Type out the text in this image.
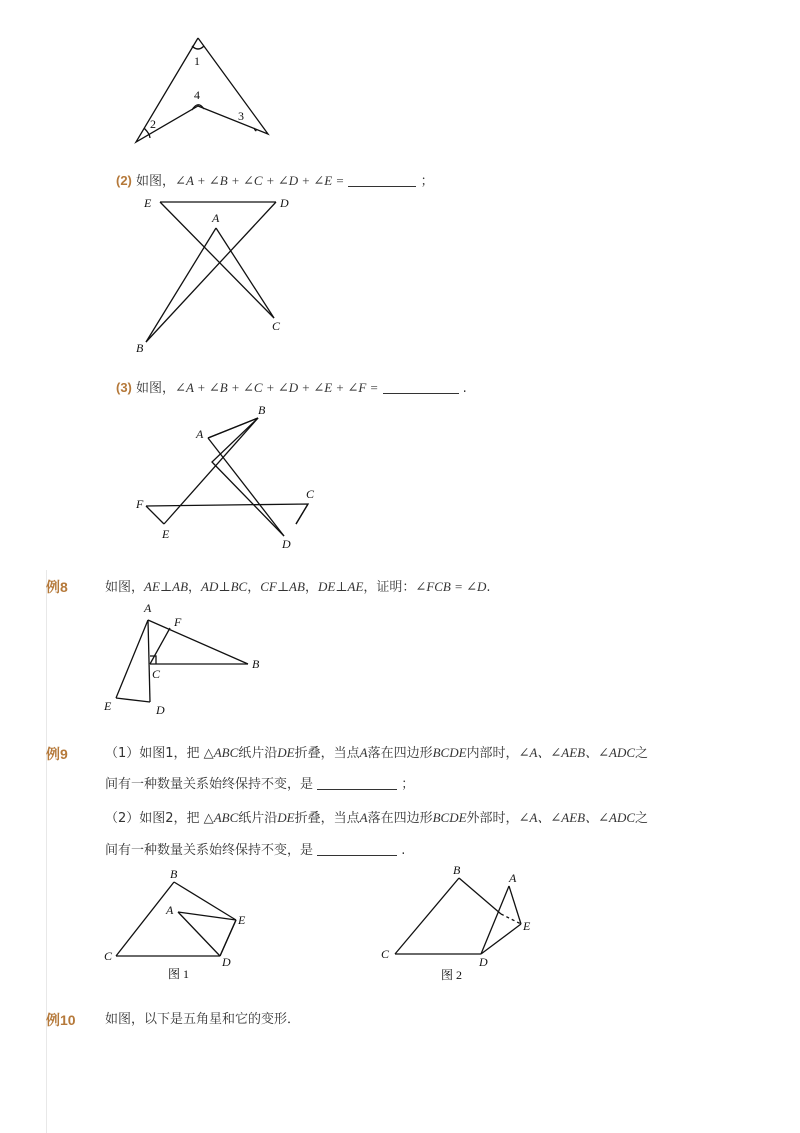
1
2
3
4
(2) 如图，∠A + ∠B + ∠C + ∠D + ∠E =	；
E	D
A
C
B
(3) 如图，∠A + ∠B + ∠C + ∠D + ∠E + ∠F =	.
A
B
F
C
E
D
例8	如图，AE⊥AB，AD⊥BC，CF⊥AB，DE⊥AE，证明：∠FCB = ∠D.
A
F
B
C
E	D
例9	（1）如图1，把 △ABC纸片沿DE折叠，当点A落在四边形BCDE内部时，∠A、∠AEB、∠ADC之
间有一种数量关系始终保持不变，是	；
（2）如图2，把 △ABC纸片沿DE折叠，当点A落在四边形BCDE外部时，∠A、∠AEB、∠ADC之
间有一种数量关系始终保持不变，是	.
B
A
E
C	D
图 1
B
A
E
C
D
图 2
例10 如图，以下是五角星和它的变形．
